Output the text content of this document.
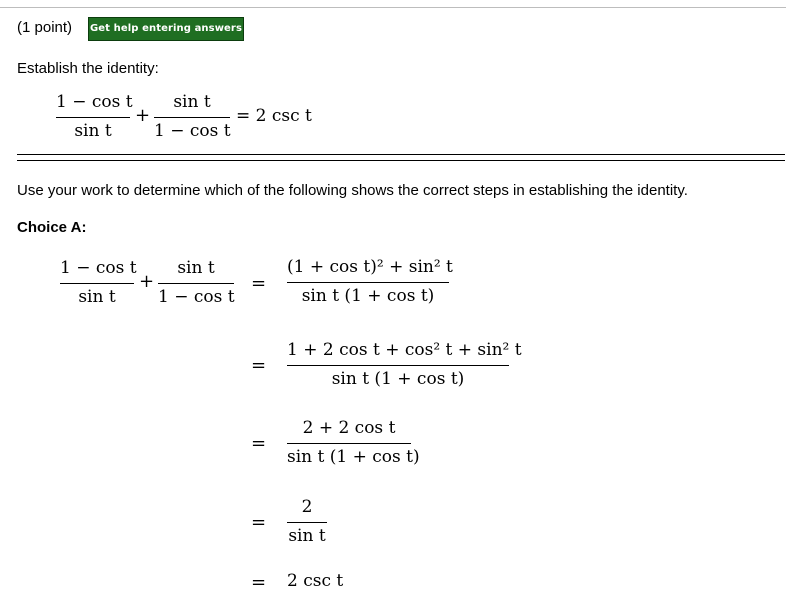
(1 point) Get help entering answers
Establish the identity:
1 − cos t
sin t
+
sin t
1 − cos t
= 2 csc t
Use your work to determine which of the following shows the correct steps in establishing the identity.
Choice A:
1 − cos t
sin t
+
sin t
1 − cos t
=
(1 + cos t)² + sin² t
sin t (1 + cos t)
=
1 + 2 cos t + cos² t + sin² t
sin t (1 + cos t)
=
2 + 2 cos t
sin t (1 + cos t)
=
2
sin t
= 2 csc t
